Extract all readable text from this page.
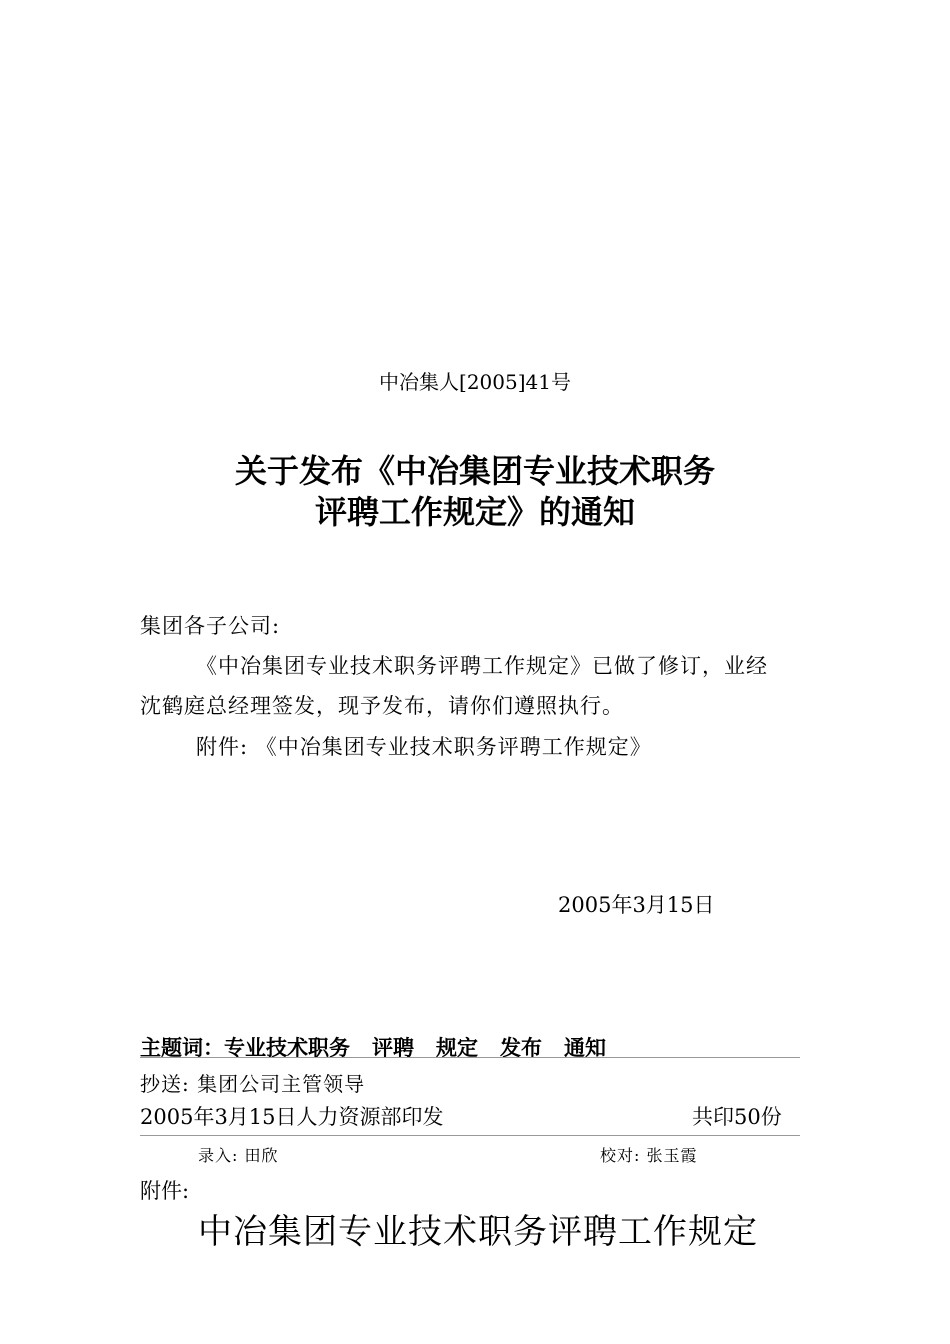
中冶集人[2005]41号
关于发布《中冶集团专业技术职务
评聘工作规定》的通知
集团各子公司:
《中冶集团专业技术职务评聘工作规定》已做了修订，业经
沈鹤庭总经理签发，现予发布，请你们遵照执行。
附件: 《中冶集团专业技术职务评聘工作规定》
2005年3月15日
主题词：专业技术职务 评聘 规定 发布 通知
抄送: 集团公司主管领导
2005年3月15日人力资源部印发	共印50份
录入: 田欣	校对: 张玉霞
附件:
中冶集团专业技术职务评聘工作规定
